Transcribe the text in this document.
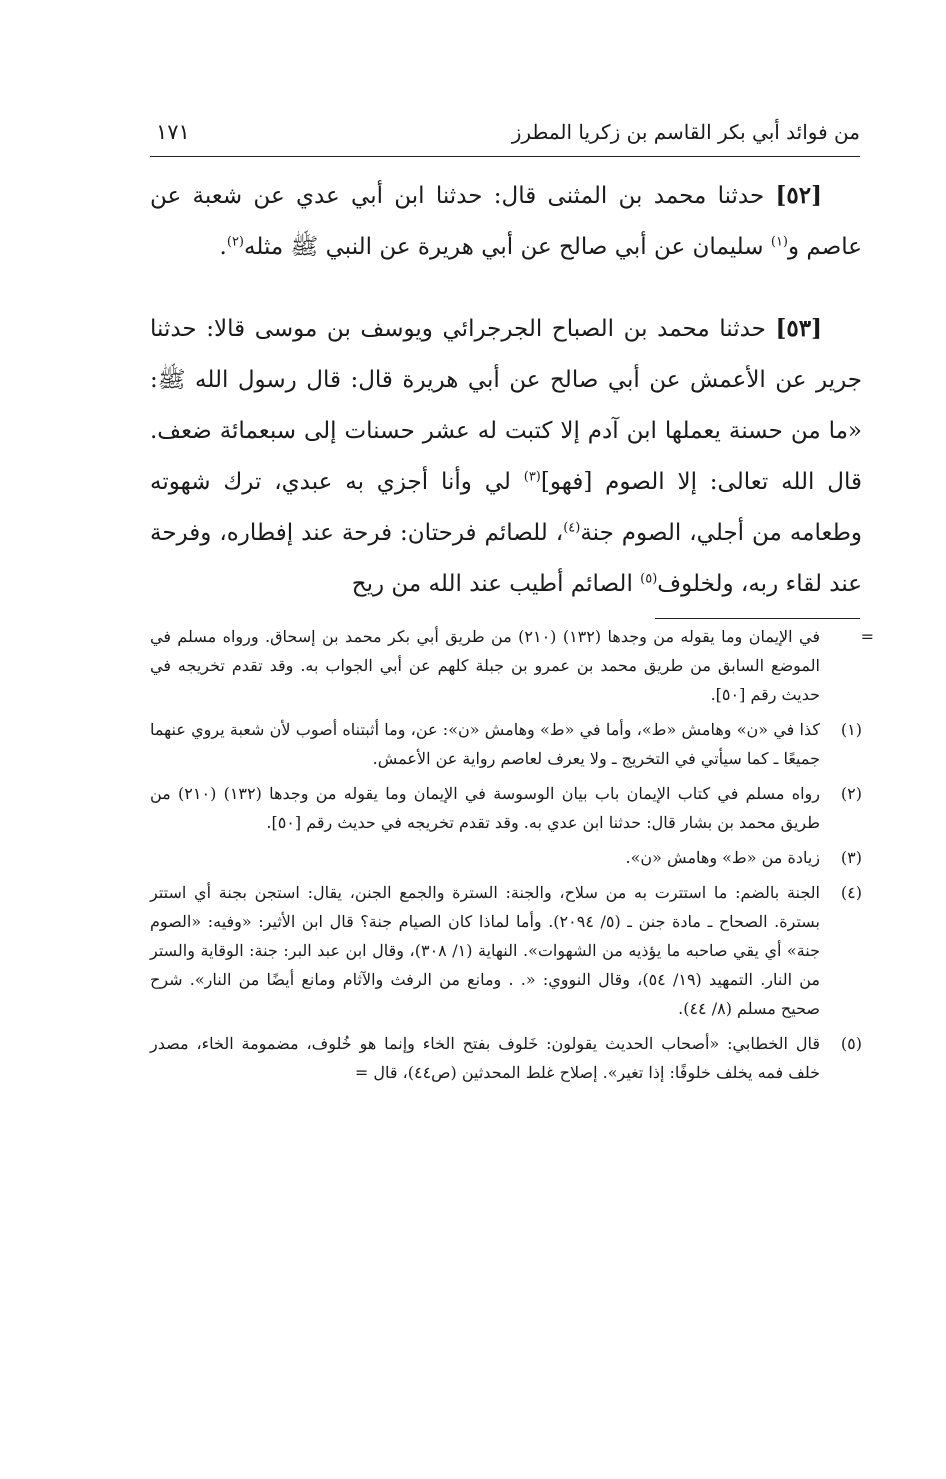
من فوائد أبي بكر القاسم بن زكريا المطرز
١٧١

[٥٢] حدثنا محمد بن المثنى قال: حدثنا ابن أبي عدي عن شعبة عن عاصم و$^{(١)}$ سليمان عن أبي صالح عن أبي هريرة عن النبي ﷺ مثله$^{(٢)}$.

[٥٣] حدثنا محمد بن الصباح الجرجرائي ويوسف بن موسى قالا: حدثنا جرير عن الأعمش عن أبي صالح عن أبي هريرة قال: قال رسول الله ﷺ: «ما من حسنة يعملها ابن آدم إلا كتبت له عشر حسنات إلى سبعمائة ضعف. قال الله تعالى: إلا الصوم [فهو]$^{(٣)}$ لي وأنا أجزي به عبدي، ترك شهوته وطعامه من أجلي، الصوم جنة$^{(٤)}$، للصائم فرحتان: فرحة عند إفطاره، وفرحة عند لقاء ربه، ولخلوف$^{(٥)}$ الصائم أطيب عند الله من ريح

=
في الإيمان وما يقوله من وجدها (١٣٢) (٢١٠) من طريق أبي بكر محمد بن إسحاق. ورواه مسلم في الموضع السابق من طريق محمد بن عمرو بن جبلة كلهم عن أبي الجواب به. وقد تقدم تخريجه في حديث رقم [٥٠].
(١)
كذا في «ن» وهامش «ط»، وأما في «ط» وهامش «ن»: عن، وما أثبتناه أصوب لأن شعبة يروي عنهما جميعًا ـ كما سيأتي في التخريج ـ ولا يعرف لعاصم رواية عن الأعمش.
(٢)
رواه مسلم في كتاب الإيمان باب بيان الوسوسة في الإيمان وما يقوله من وجدها (١٣٢) (٢١٠) من طريق محمد بن بشار قال: حدثنا ابن عدي به. وقد تقدم تخريجه في حديث رقم [٥٠].
(٣)
زيادة من «ط» وهامش «ن».
(٤)
الجنة بالضم: ما استترت به من سلاح، والجنة: السترة والجمع الجنن، يقال: استجن بجنة أي استتر بسترة. الصحاح ـ مادة جنن ـ (٥/ ٢٠٩٤). وأما لماذا كان الصيام جنة؟ قال ابن الأثير: «وفيه: «الصوم جنة» أي يقي صاحبه ما يؤذيه من الشهوات». النهاية (١/ ٣٠٨)، وقال ابن عبد البر: جنة: الوقاية والستر من النار. التمهيد (١٩/ ٥٤)، وقال النووي: «. . ومانع من الرفث والآثام ومانع أيضًا من النار». شرح صحيح مسلم (٨/ ٤٤).
(٥)
قال الخطابي: «أصحاب الحديث يقولون: خَلوف بفتح الخاء وإنما هو خُلوف، مضمومة الخاء، مصدر خلف فمه يخلف خلوفًا: إذا تغير». إصلاح غلط المحدثين (ص٤٤)، قال =
